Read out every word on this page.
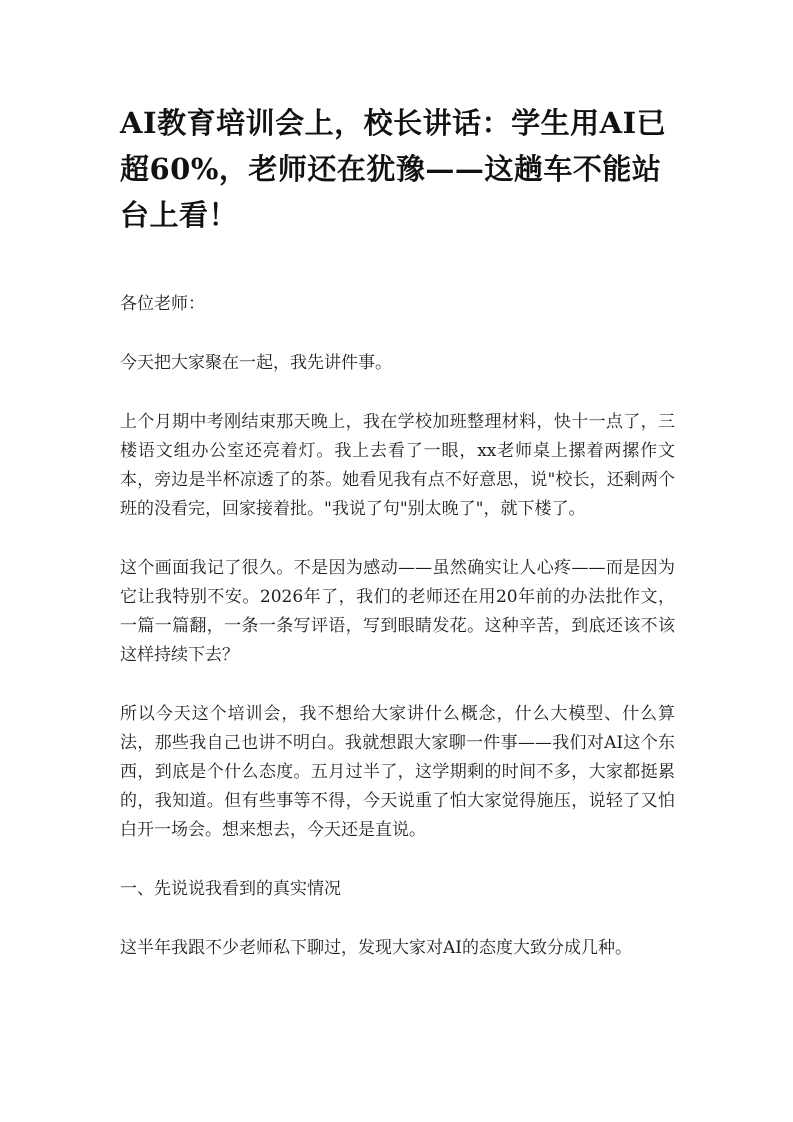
AI教育培训会上，校长讲话：学生用AI已超60%，老师还在犹豫——这趟车不能站台上看！

各位老师：

今天把大家聚在一起，我先讲件事。

上个月期中考刚结束那天晚上，我在学校加班整理材料，快十一点了，三楼语文组办公室还亮着灯。我上去看了一眼，xx老师桌上摞着两摞作文本，旁边是半杯凉透了的茶。她看见我有点不好意思，说"校长，还剩两个班的没看完，回家接着批。"我说了句"别太晚了"，就下楼了。

这个画面我记了很久。不是因为感动——虽然确实让人心疼——而是因为它让我特别不安。2026年了，我们的老师还在用20年前的办法批作文，一篇一篇翻，一条一条写评语，写到眼睛发花。这种辛苦，到底还该不该这样持续下去？

所以今天这个培训会，我不想给大家讲什么概念，什么大模型、什么算法，那些我自己也讲不明白。我就想跟大家聊一件事——我们对AI这个东西，到底是个什么态度。五月过半了，这学期剩的时间不多，大家都挺累的，我知道。但有些事等不得，今天说重了怕大家觉得施压，说轻了又怕白开一场会。想来想去，今天还是直说。

一、先说说我看到的真实情况

这半年我跟不少老师私下聊过，发现大家对AI的态度大致分成几种。
